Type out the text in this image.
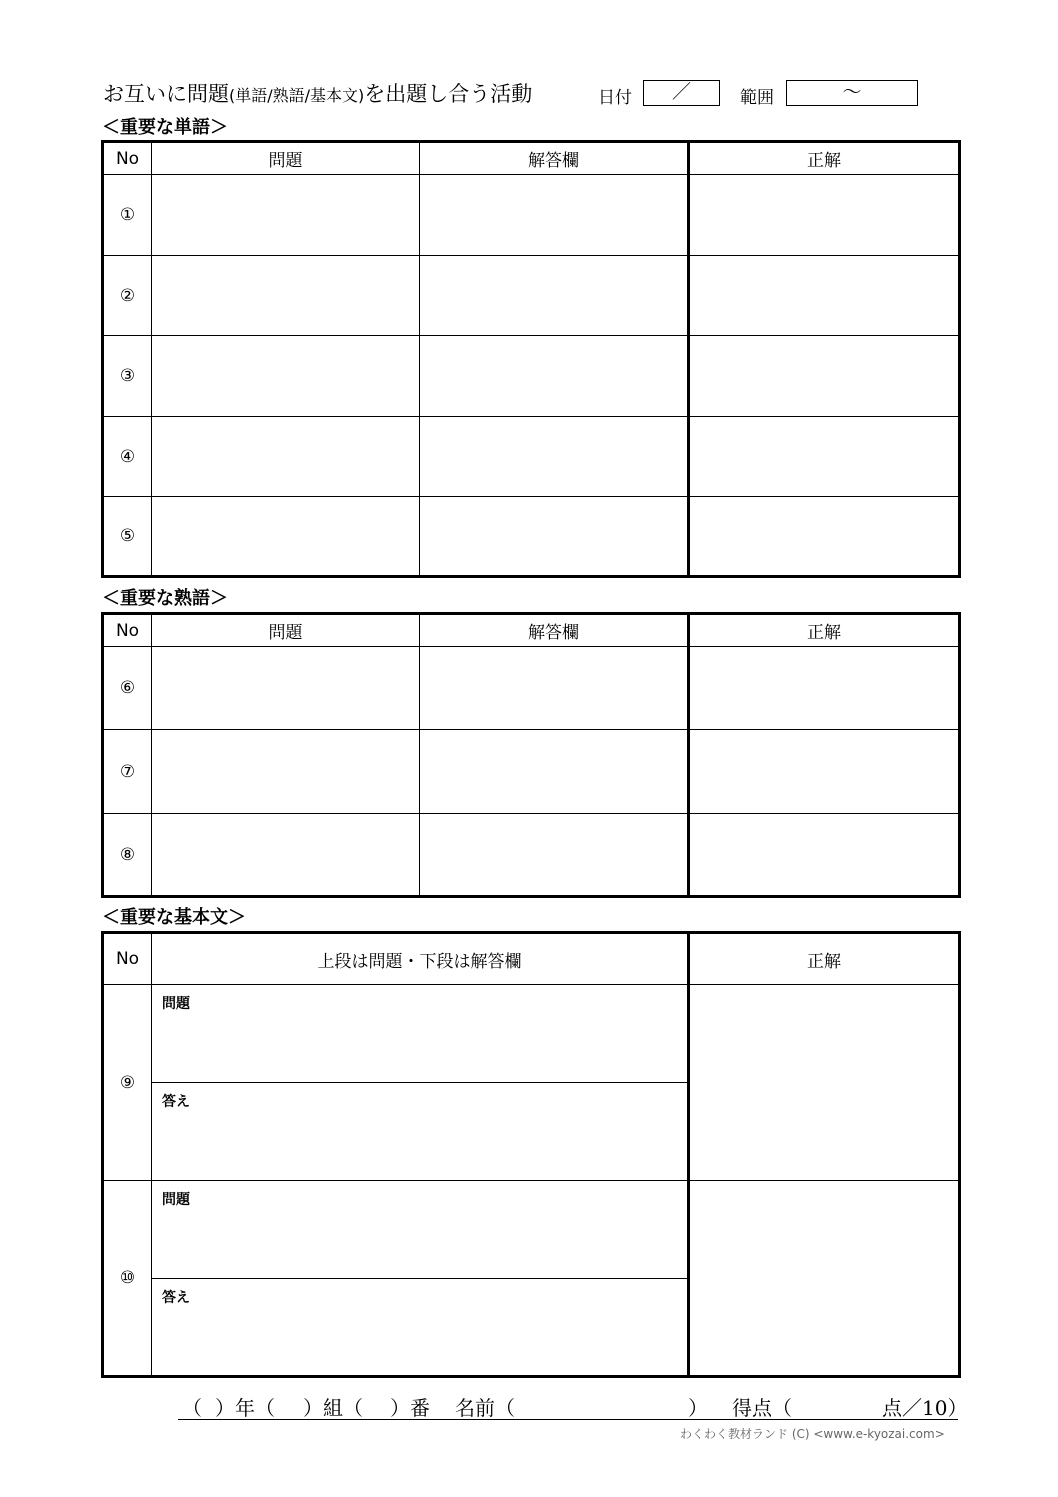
お互いに問題(単語/熟語/基本文)を出題し合う活動	日付	／	範囲	～
＜重要な単語＞
No	問題	解答欄	正解
①			
②			
③			
④			
⑤			
＜重要な熟語＞
No	問題	解答欄	正解
⑥			
⑦			
⑧			
＜重要な基本文＞
No	上段は問題・下段は解答欄	正解
⑨	問題	

	答え	

⑩	問題	

	答え	
（ ）年（ ）組（ ）番 名前（	） 得点（	点／10）
わくわく教材ランド (C) <www.e-kyozai.com>
